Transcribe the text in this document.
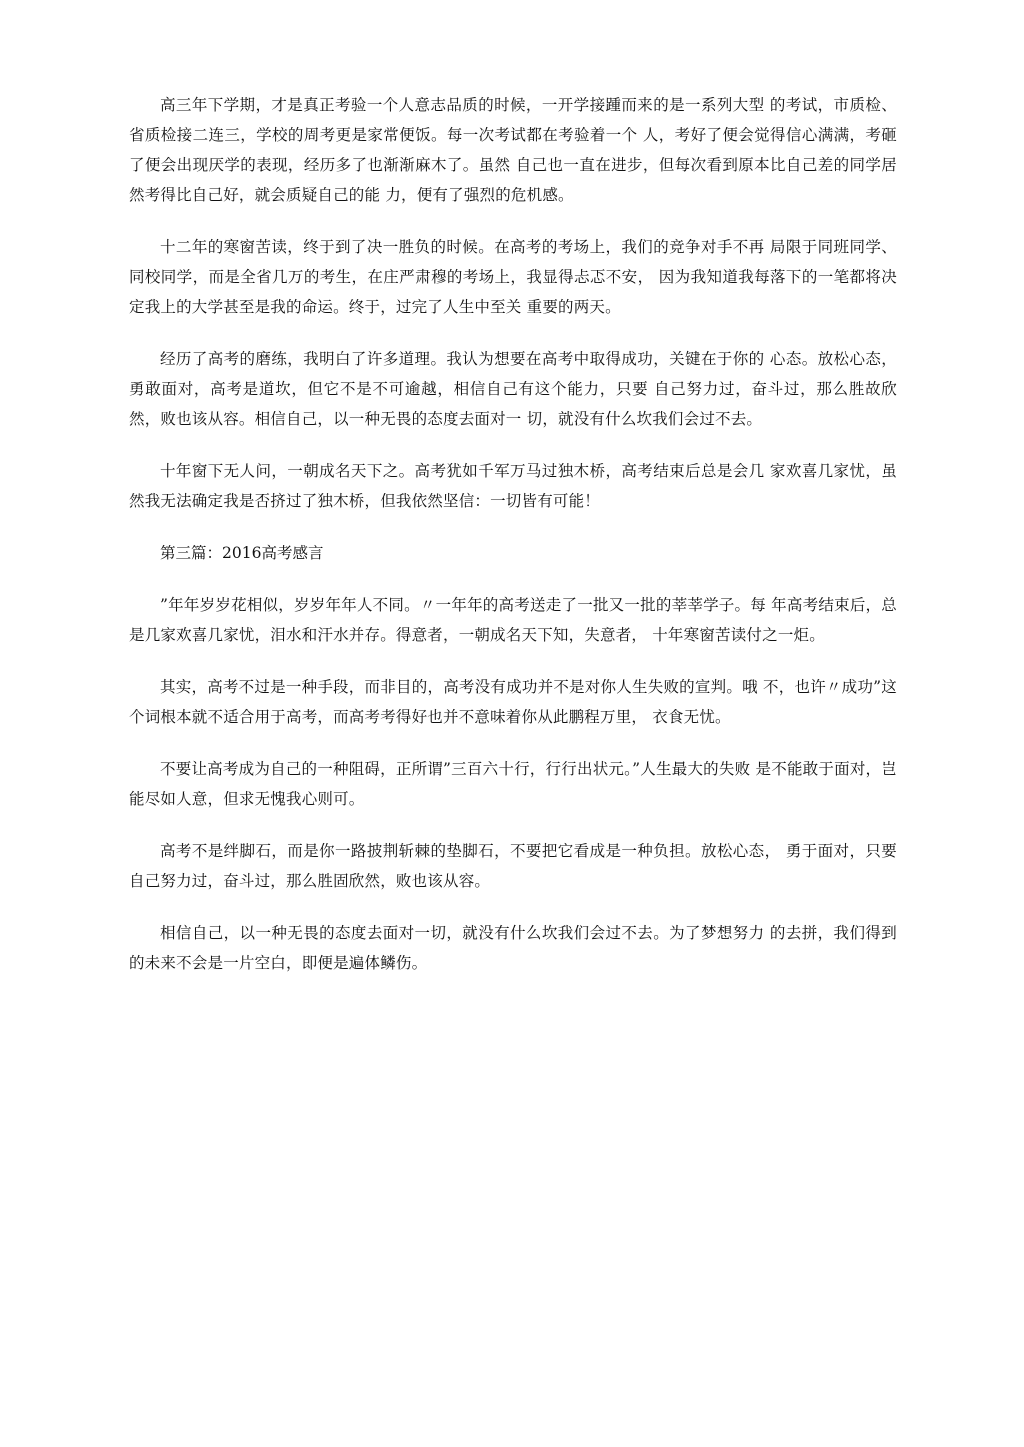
高三年下学期，才是真正考验一个人意志品质的时候，一开学接踵而来的是一系列大型 的考试，市质检、省质检接二连三，学校的周考更是家常便饭。每一次考试都在考验着一个 人，考好了便会觉得信心满满，考砸了便会出现厌学的表现，经历多了也渐渐麻木了。虽然 自己也一直在进步，但每次看到原本比自己差的同学居然考得比自己好，就会质疑自己的能 力，便有了强烈的危机感。

十二年的寒窗苦读，终于到了决一胜负的时候。在高考的考场上，我们的竞争对手不再 局限于同班同学、同校同学，而是全省几万的考生，在庄严肃穆的考场上，我显得忐忑不安， 因为我知道我每落下的一笔都将决定我上的大学甚至是我的命运。终于，过完了人生中至关 重要的两天。

经历了高考的磨练，我明白了许多道理。我认为想要在高考中取得成功，关键在于你的 心态。放松心态，勇敢面对，高考是道坎，但它不是不可逾越，相信自己有这个能力，只要 自己努力过，奋斗过，那么胜故欣然，败也该从容。相信自己，以一种无畏的态度去面对一 切，就没有什么坎我们会过不去。

十年窗下无人问，一朝成名天下之。高考犹如千军万马过独木桥，高考结束后总是会几 家欢喜几家忧，虽然我无法确定我是否挤过了独木桥，但我依然坚信：一切皆有可能！

第三篇：2016高考感言

”年年岁岁花相似，岁岁年年人不同。〃一年年的高考送走了一批又一批的莘莘学子。每 年高考结束后，总是几家欢喜几家忧，泪水和汗水并存。得意者，一朝成名天下知，失意者， 十年寒窗苦读付之一炬。

其实，高考不过是一种手段，而非目的，高考没有成功并不是对你人生失败的宣判。哦 不，也许〃成功”这个词根本就不适合用于高考，而高考考得好也并不意味着你从此鹏程万里， 衣食无忧。

不要让高考成为自己的一种阻碍，正所谓”三百六十行，行行出状元。”人生最大的失败 是不能敢于面对，岂能尽如人意，但求无愧我心则可。

高考不是绊脚石，而是你一路披荆斩棘的垫脚石，不要把它看成是一种负担。放松心态， 勇于面对，只要自己努力过，奋斗过，那么胜固欣然，败也该从容。

相信自己，以一种无畏的态度去面对一切，就没有什么坎我们会过不去。为了梦想努力 的去拼，我们得到的未来不会是一片空白，即便是遍体鳞伤。
